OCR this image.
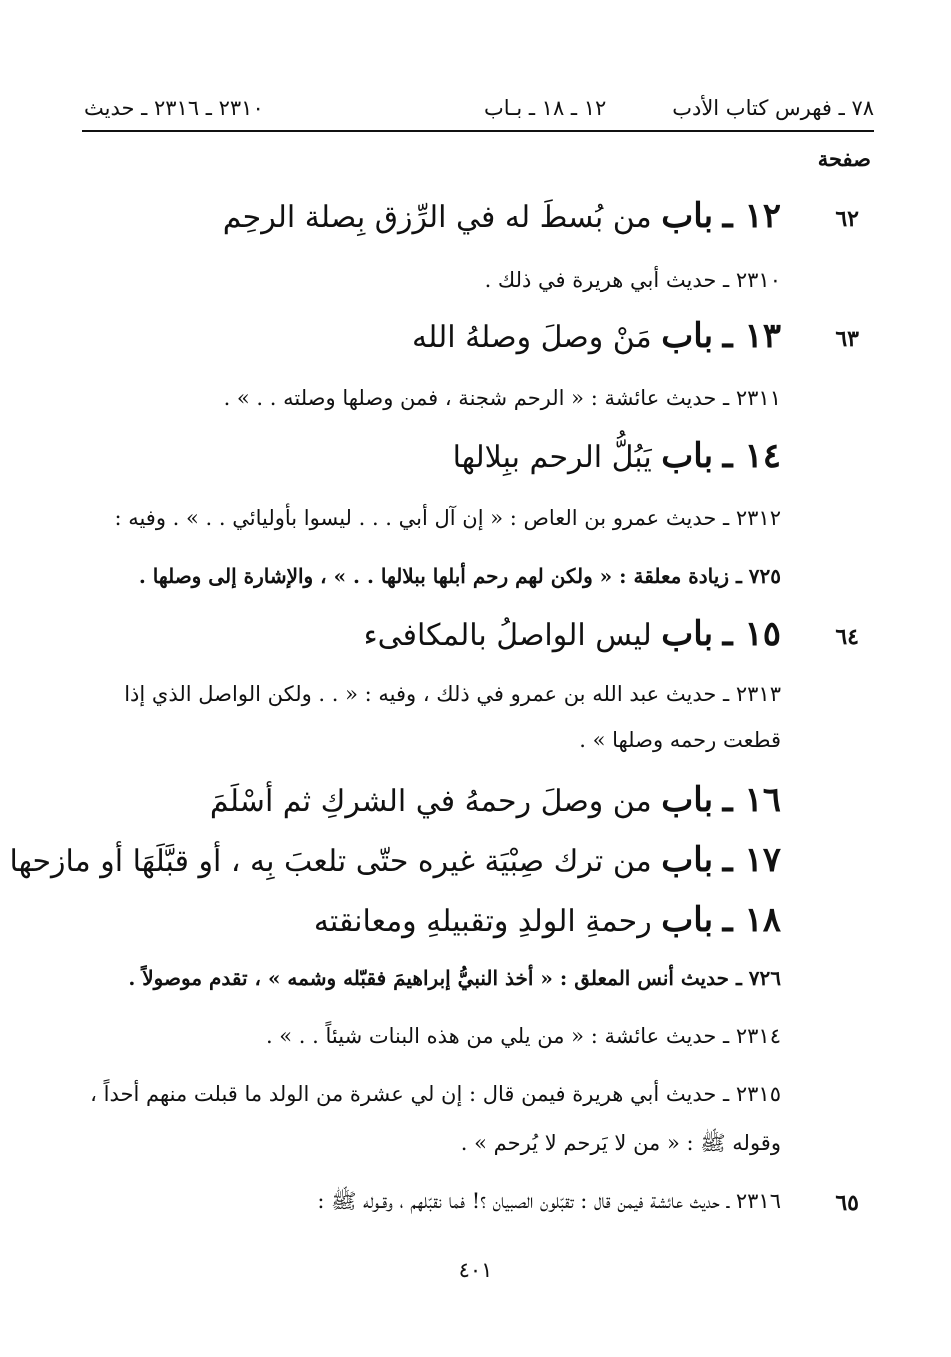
٧٨ ـ فهرس كتاب الأدب
١٢ ـ ١٨ ـ بـاب
٢٣١٠ ـ ٢٣١٦ ـ حديث
صفحة
٦٢
١٢ ـ باب من بُسطَ له في الرِّزق بِصلة الرحِم
٢٣١٠ ـ حديث أبي هريرة في ذلك .
٦٣
١٣ ـ باب مَنْ وصلَ وصلهُ الله
٢٣١١ ـ حديث عائشة : « الرحم شجنة ، فمن وصلها وصلته . . » .
١٤ ـ باب يَبُلُّ الرحم ببِلالها
٢٣١٢ ـ حديث عمرو بن العاص : « إن آل أبي . . . ليسوا بأوليائي . . » . وفيه :
٧٢٥ ـ زيادة معلقة : « ولكن لهم رحم أبلها ببلالها . . » ، والإشارة إلى وصلها .
٦٤
١٥ ـ باب ليس الواصلُ بالمكافىء
٢٣١٣ ـ حديث عبد الله بن عمرو في ذلك ، وفيه : « . . ولكن الواصل الذي إذا
قطعت رحمه وصلها » .
١٦ ـ باب من وصلَ رحمهُ في الشركِ ثم أسْلَمَ
١٧ ـ باب من ترك صِبْيَة غيره حتّى تلعبَ بِه ، أو قبَّلَهَا أو مازحها
١٨ ـ باب رحمةِ الولدِ وتقبيلهِ ومعانقته
٧٢٦ ـ حديث أنس المعلق : « أخذ النبيُّ إبراهيمَ فقبّله وشمه » ، تقدم موصولاً .
٢٣١٤ ـ حديث عائشة : « من يلي من هذه البنات شيئاً . . » .
٢٣١٥ ـ حديث أبي هريرة فيمن قال : إن لي عشرة من الولد ما قبلت منهم أحداً ،
وقوله ﷺ : « من لا يَرحم لا يُرحم » .
٦٥
٢٣١٦ ـ حديث عائشة فيمن قال : تقبّلون الصبيان ؟! فما نقبّلهم ، وقـوله ﷺ :
٤٠١
